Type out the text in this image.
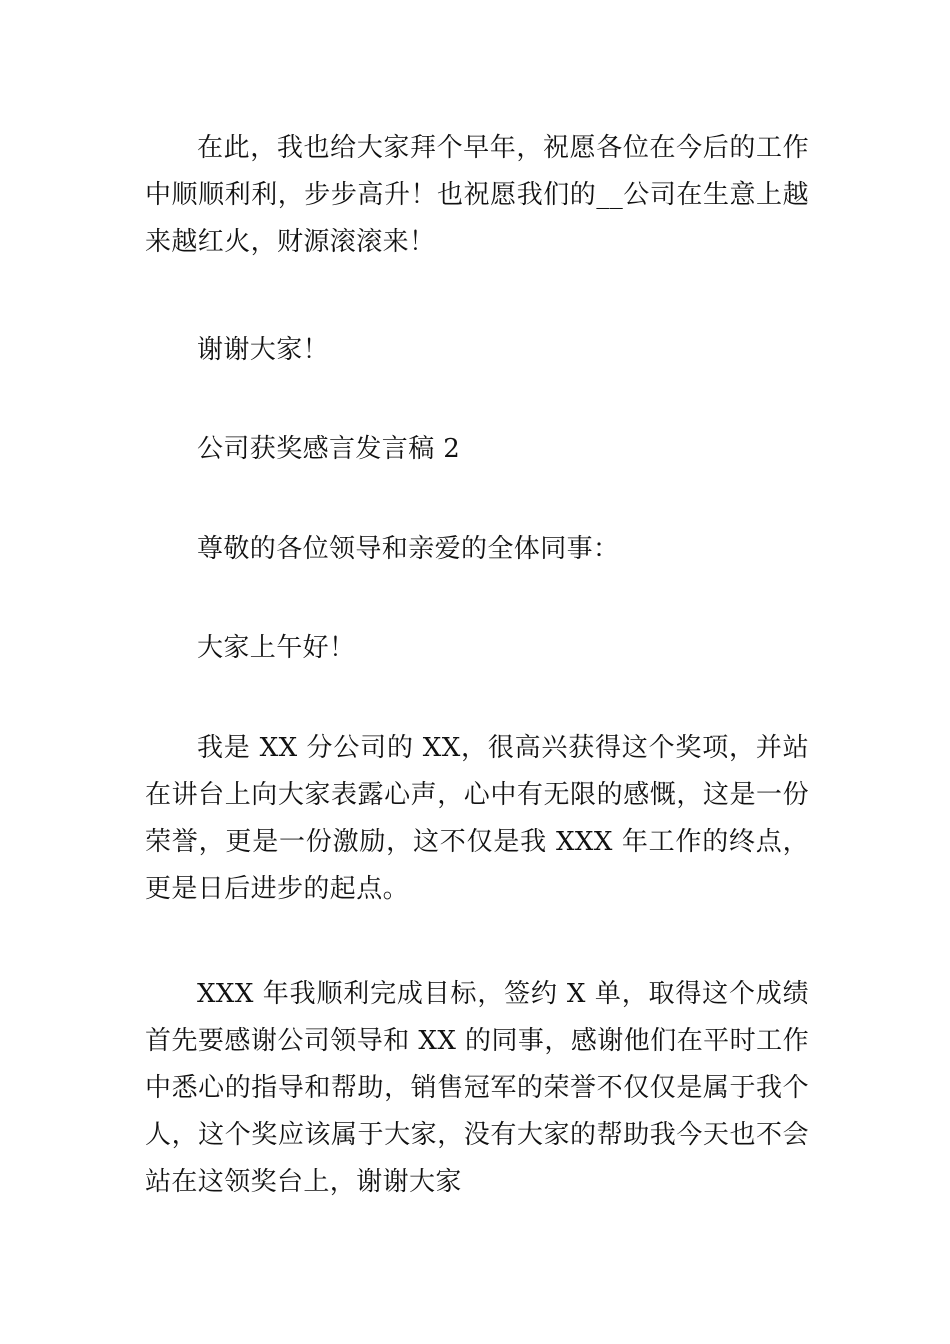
在此，我也给大家拜个早年，祝愿各位在今后的工作中顺顺利利，步步高升！也祝愿我们的__公司在生意上越来越红火，财源滚滚来！

谢谢大家！

公司获奖感言发言稿 2

尊敬的各位领导和亲爱的全体同事：

大家上午好！

我是 XX 分公司的 XX，很高兴获得这个奖项，并站在讲台上向大家表露心声，心中有无限的感慨，这是一份荣誉，更是一份激励，这不仅是我 XXX 年工作的终点，更是日后进步的起点。

XXX 年我顺利完成目标，签约 X 单，取得这个成绩首先要感谢公司领导和 XX 的同事，感谢他们在平时工作中悉心的指导和帮助，销售冠军的荣誉不仅仅是属于我个人，这个奖应该属于大家，没有大家的帮助我今天也不会站在这领奖台上，谢谢大家
